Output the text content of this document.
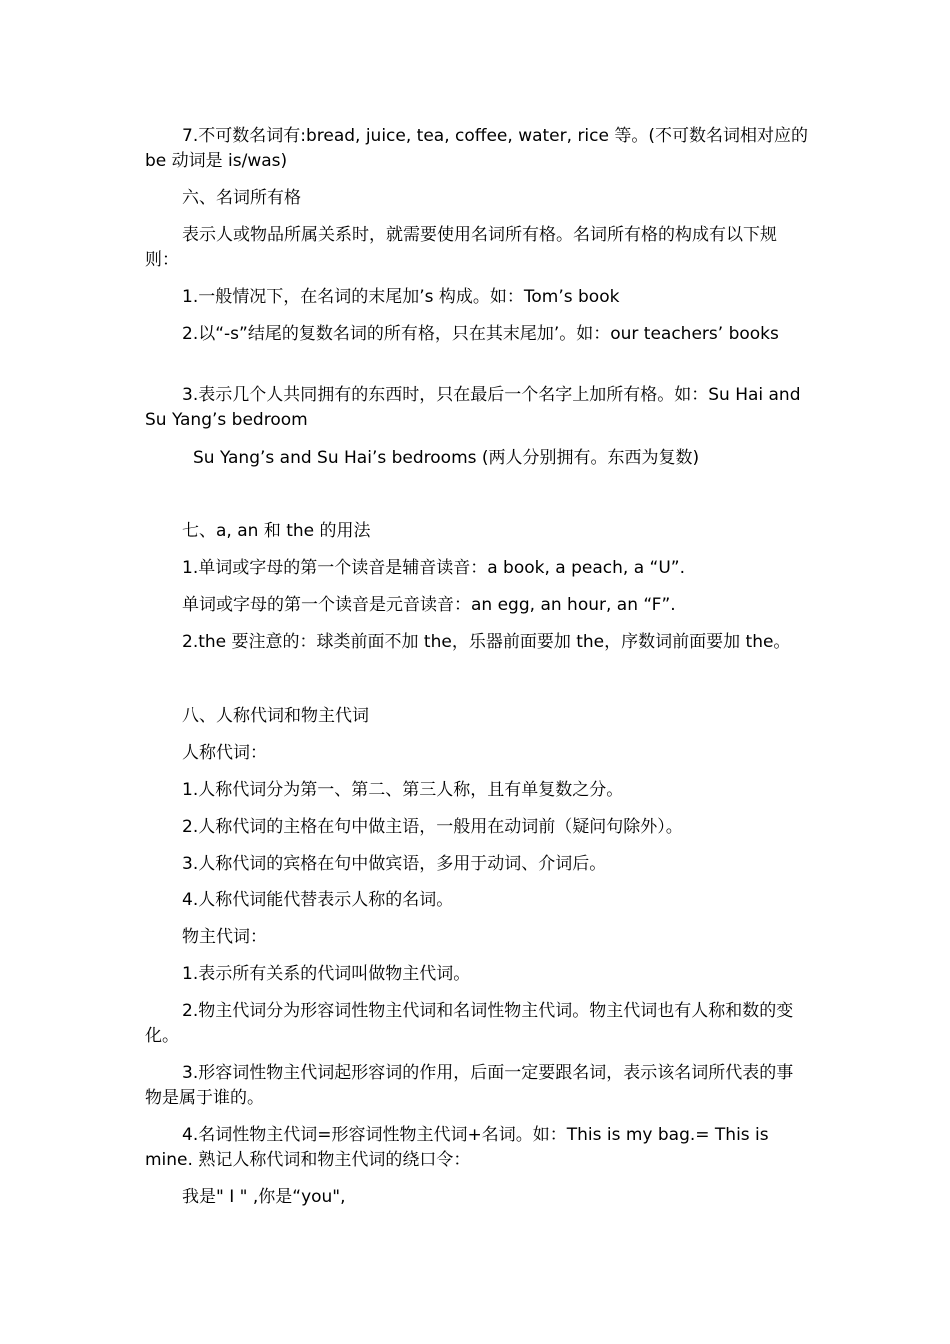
7.不可数名词有:bread, juice, tea, coffee, water, rice 等。(不可数名词相对应的 be 动词是 is/was)

六、名词所有格

表示人或物品所属关系时，就需要使用名词所有格。名词所有格的构成有以下规则：

1.一般情况下，在名词的末尾加’s 构成。如：Tom’s book

2.以“-s”结尾的复数名词的所有格，只在其末尾加’。如：our teachers’ books

3.表示几个人共同拥有的东西时，只在最后一个名字上加所有格。如：Su Hai and Su Yang’s bedroom

Su Yang’s and Su Hai’s bedrooms (两人分别拥有。东西为复数)

七、a, an 和 the 的用法

1.单词或字母的第一个读音是辅音读音：a book, a peach, a “U”.

单词或字母的第一个读音是元音读音：an egg, an hour, an “F”.

2.the 要注意的：球类前面不加 the，乐器前面要加 the，序数词前面要加 the。

八、人称代词和物主代词

人称代词：

1.人称代词分为第一、第二、第三人称，且有单复数之分。

2.人称代词的主格在句中做主语，一般用在动词前（疑问句除外）。

3.人称代词的宾格在句中做宾语，多用于动词、介词后。

4.人称代词能代替表示人称的名词。

物主代词：

1.表示所有关系的代词叫做物主代词。

2.物主代词分为形容词性物主代词和名词性物主代词。物主代词也有人称和数的变化。

3.形容词性物主代词起形容词的作用，后面一定要跟名词，表示该名词所代表的事物是属于谁的。

4.名词性物主代词=形容词性物主代词+名词。如：This is my bag.= This is mine. 熟记人称代词和物主代词的绕口令：

我是" I " ,你是“you",
